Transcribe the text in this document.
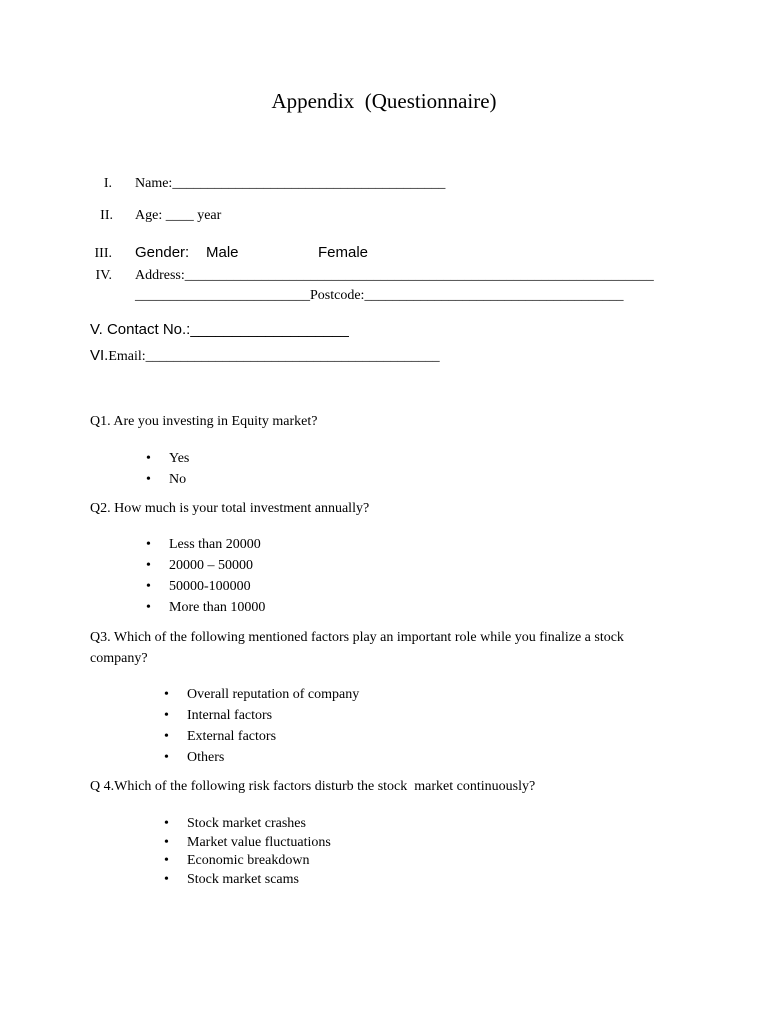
Appendix  (Questionnaire)
I. Name:_______________________________________
II. Age: ____ year
III. Gender: Male	Female
IV. Address:___________________________________________________________________
_________________________Postcode:_____________________________________
V. Contact No.:___________________
VI.Email:__________________________________________
Q1. Are you investing in Equity market?
• Yes
• No
Q2. How much is your total investment annually?
• Less than 20000
• 20000 – 50000
• 50000-100000
• More than 10000
Q3. Which of the following mentioned factors play an important role while you finalize a stock company?
• Overall reputation of company
• Internal factors
• External factors
• Others
Q 4.Which of the following risk factors disturb the stock  market continuously?
• Stock market crashes
• Market value fluctuations
• Economic breakdown
• Stock market scams
